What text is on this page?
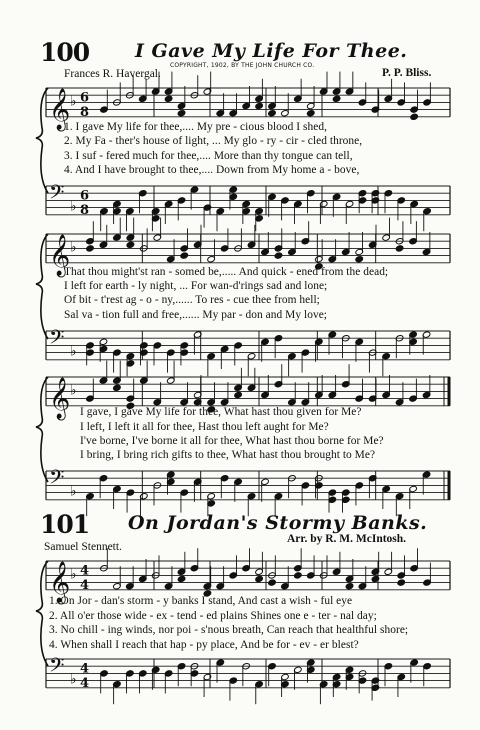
100 I Gave My Life For Thee.
COPYRIGHT, 1902, BY THE JOHN CHURCH CO.
Frances R. Havergal.	P. P. Bliss.
𝄞 ♭ 6
8
1. I gave My life for thee,.... My pre - cious blood I shed,
2. My Fa - ther's house of light, ... My glo - ry - cir - cled throne,
3. I suf - fered much for thee,.... More than thy tongue can tell,
4. And I have brought to thee,.... Down from My home a - bove,
𝄢 ♭
6
8
𝄞 ♭
That thou might'st ran - somed be,..... And quick - ened from the dead;
I left for earth - ly night, ... For wan-d'rings sad and lone;
Of bit - t'rest ag - o - ny,...... To res - cue thee from hell;
Sal va - tion full and free,...... My par - don and My love;
𝄢 ♭
𝄞 ♭
I gave, I gave My life for thee, What hast thou given for Me?
I left, I left it all for thee, Hast thou left aught for Me?
I've borne, I've borne it all for thee, What hast thou borne for Me?
I bring, I bring rich gifts to thee, What hast thou brought to Me?
𝄢 ♭
101 On Jordan's Stormy Banks.
Samuel Stennett.
Arr. by R. M. McIntosh.
𝄞 ♭ 4
4
1. On Jor - dan's storm - y banks I stand, And cast a wish - ful eye
2. All o'er those wide - ex - tend - ed plains Shines one e - ter - nal day;
3. No chill - ing winds, nor poi - s'nous breath, Can reach that healthful shore;
4. When shall I reach that hap - py place, And be for - ev - er blest?
𝄢 ♭
4
4
